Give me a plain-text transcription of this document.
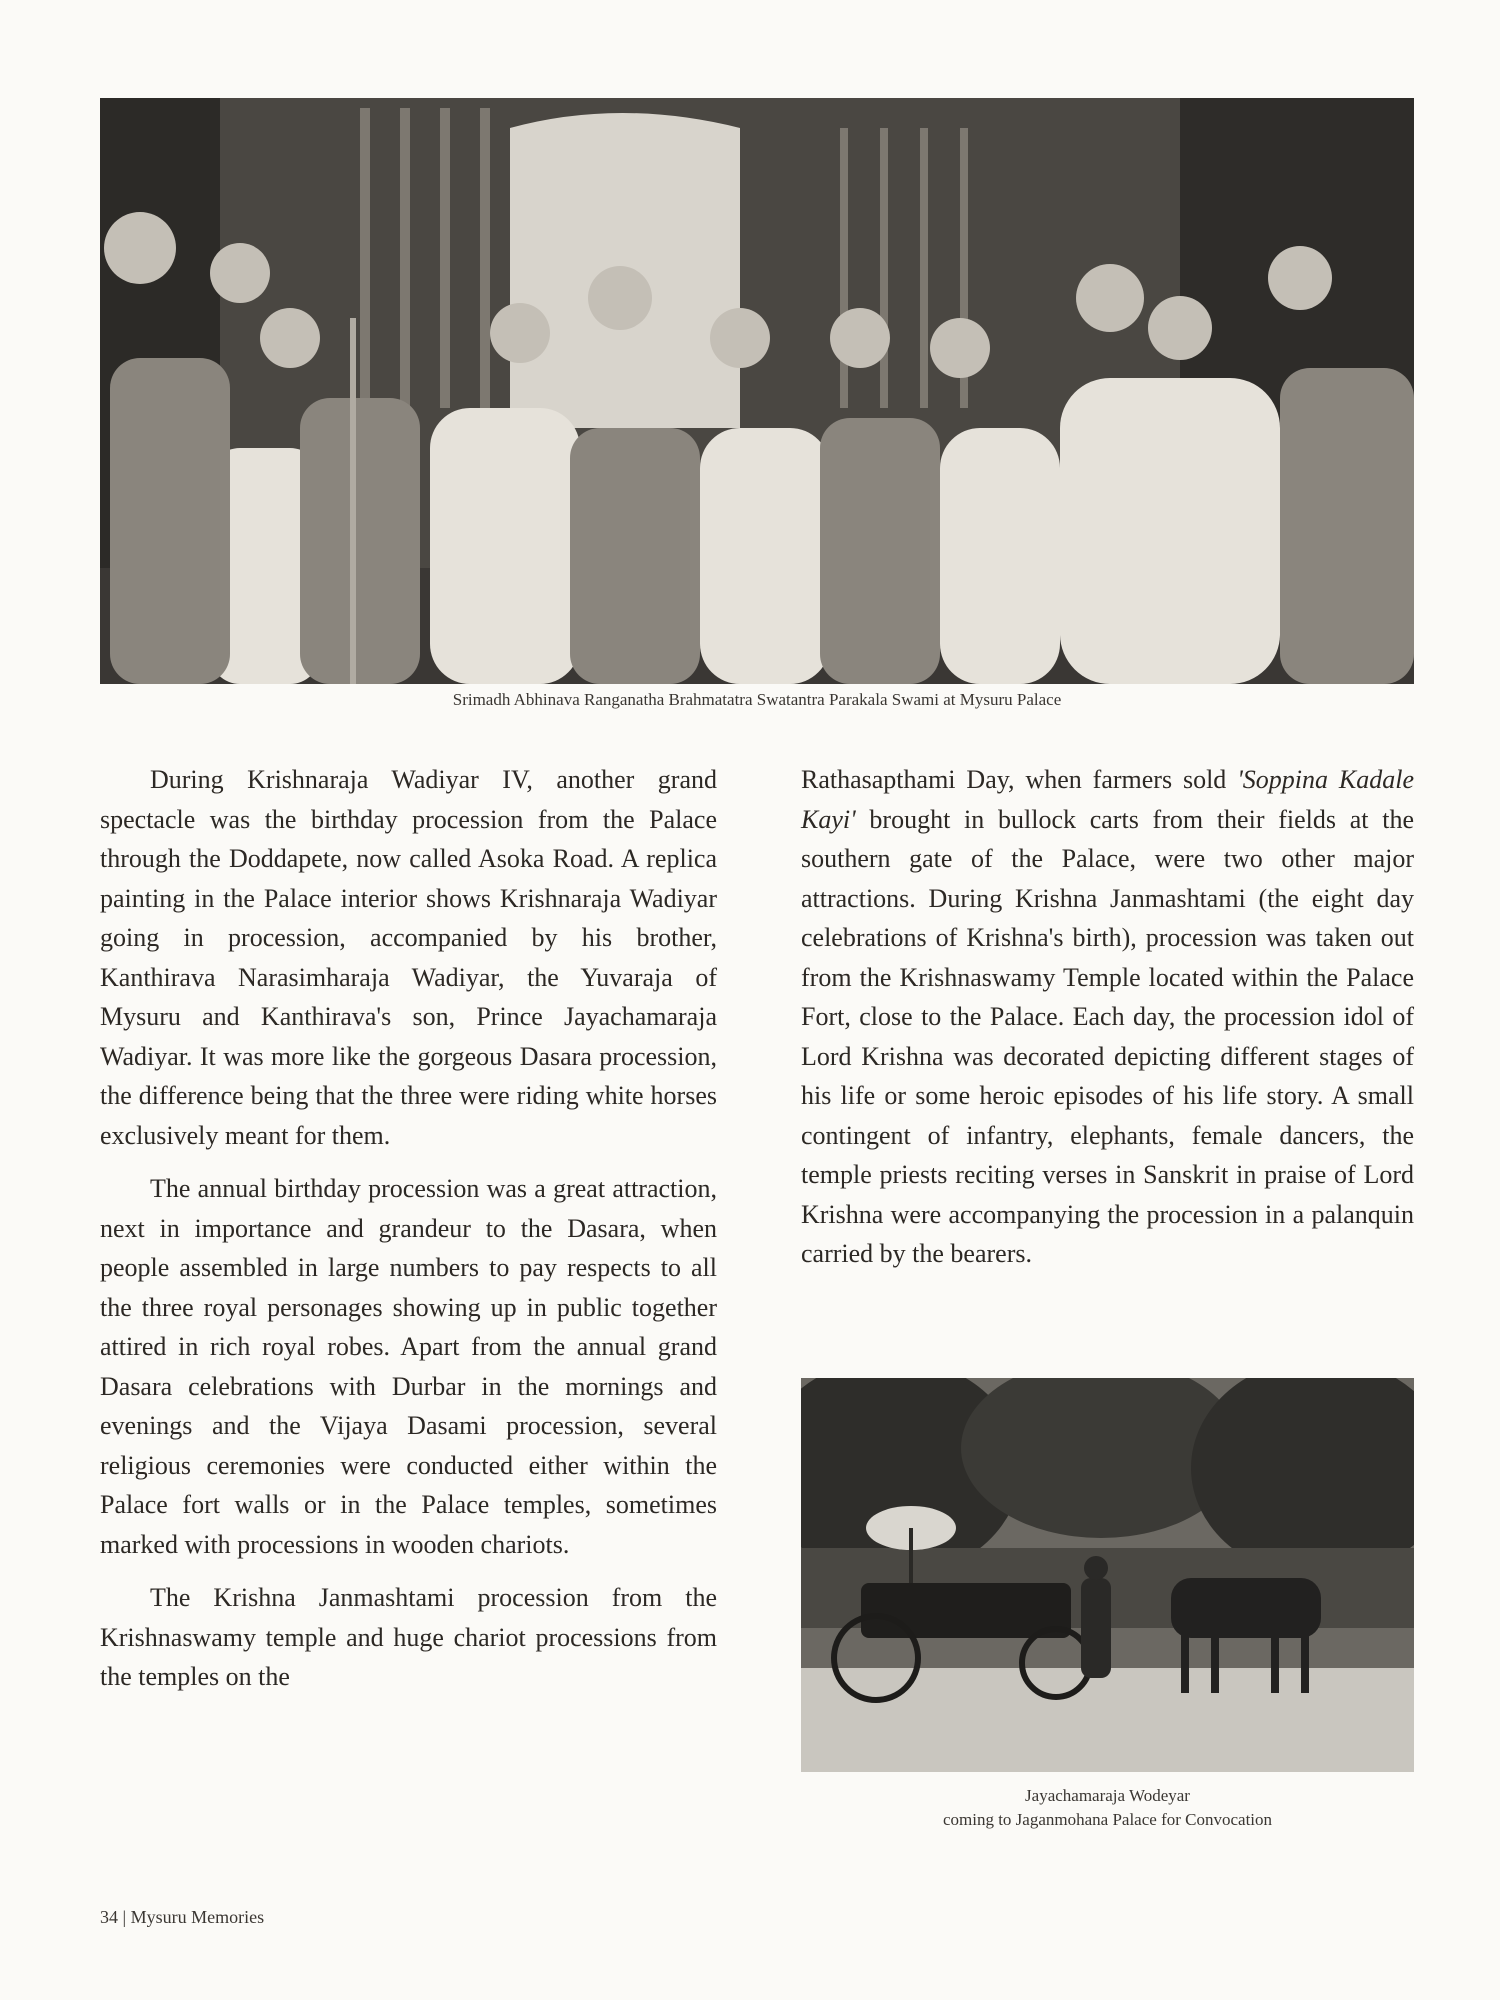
Srimadh Abhinava Ranganatha Brahmatatra Swatantra Parakala Swami at Mysuru Palace

During Krishnaraja Wadiyar IV, another grand spectacle was the birthday procession from the Palace through the Doddapete, now called Asoka Road. A replica painting in the Palace interior shows Krishnaraja Wadiyar going in procession, accompanied by his brother, Kanthirava Narasimharaja Wadiyar, the Yuvaraja of Mysuru and Kanthirava's son, Prince Jayachamaraja Wadiyar. It was more like the gorgeous Dasara procession, the difference being that the three were riding white horses exclusively meant for them.

The annual birthday procession was a great attraction, next in importance and grandeur to the Dasara, when people assembled in large numbers to pay respects to all the three royal personages showing up in public together attired in rich royal robes. Apart from the annual grand Dasara celebrations with Durbar in the mornings and evenings and the Vijaya Dasami procession, several religious ceremonies were conducted either within the Palace fort walls or in the Palace temples, sometimes marked with processions in wooden chariots.

The Krishna Janmashtami procession from the Krishnaswamy temple and huge chariot processions from the temples on the

Rathasapthami Day, when farmers sold 'Soppina Kadale Kayi' brought in bullock carts from their fields at the southern gate of the Palace, were two other major attractions. During Krishna Janmashtami (the eight day celebrations of Krishna's birth), procession was taken out from the Krishnaswamy Temple located within the Palace Fort, close to the Palace. Each day, the procession idol of Lord Krishna was decorated depicting different stages of his life or some heroic episodes of his life story. A small contingent of infantry, elephants, female dancers, the temple priests reciting verses in Sanskrit in praise of Lord Krishna were accompanying the procession in a palanquin carried by the bearers.

Jayachamaraja Wodeyar
coming to Jaganmohana Palace for Convocation
34 | Mysuru Memories
